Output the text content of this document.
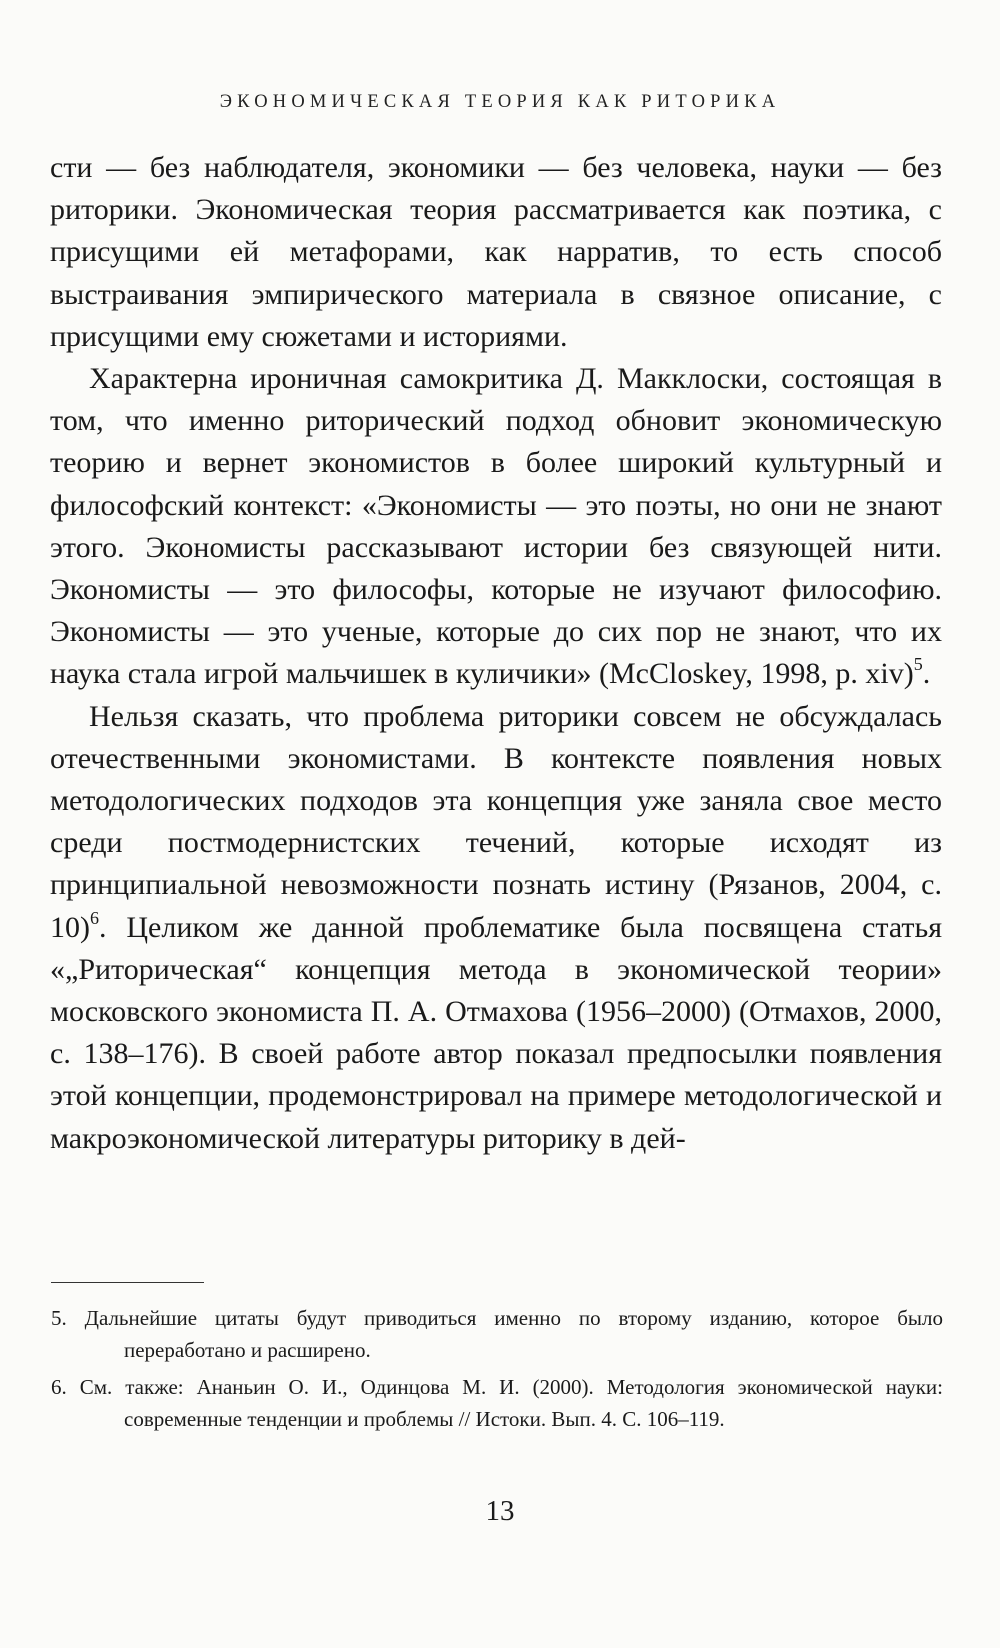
ЭКОНОМИЧЕСКАЯ ТЕОРИЯ КАК РИТОРИКА

сти — без наблюдателя, экономики — без человека, науки — без риторики. Экономическая теория рассматривается как поэтика, с присущими ей метафорами, как нарратив, то есть способ выстраивания эмпирического материала в связное описание, с присущими ему сюжетами и историями.

Характерна ироничная самокритика Д. Макклоски, состоящая в том, что именно риторический подход обновит экономическую теорию и вернет экономистов в более широкий культурный и философский контекст: «Экономисты — это поэты, но они не знают этого. Экономисты рассказывают истории без связующей нити. Экономисты — это философы, которые не изучают философию. Экономисты — это ученые, которые до сих пор не знают, что их наука стала игрой мальчишек в куличики» (McCloskey, 1998, p. xiv)$^5$.

Нельзя сказать, что проблема риторики совсем не обсуждалась отечественными экономистами. В контексте появления новых методологических подходов эта концепция уже заняла свое место среди постмодернистских течений, которые исходят из принципиальной невозможности познать истину (Рязанов, 2004, с. 10)$^6$. Целиком же данной проблематике была посвящена статья «„Риторическая“ концепция метода в экономической теории» московского экономиста П. А. Отмахова (1956–2000) (Отмахов, 2000, с. 138–176). В своей работе автор показал предпосылки появления этой концепции, продемонстрировал на примере методологической и макроэкономической литературы риторику в дей-

5. Дальнейшие цитаты будут приводиться именно по второму изданию, которое было переработано и расширено.

6. См. также: Ананьин О. И., Одинцова М. И. (2000). Методология экономической науки: современные тенденции и проблемы // Истоки. Вып. 4. С. 106–119.

13
